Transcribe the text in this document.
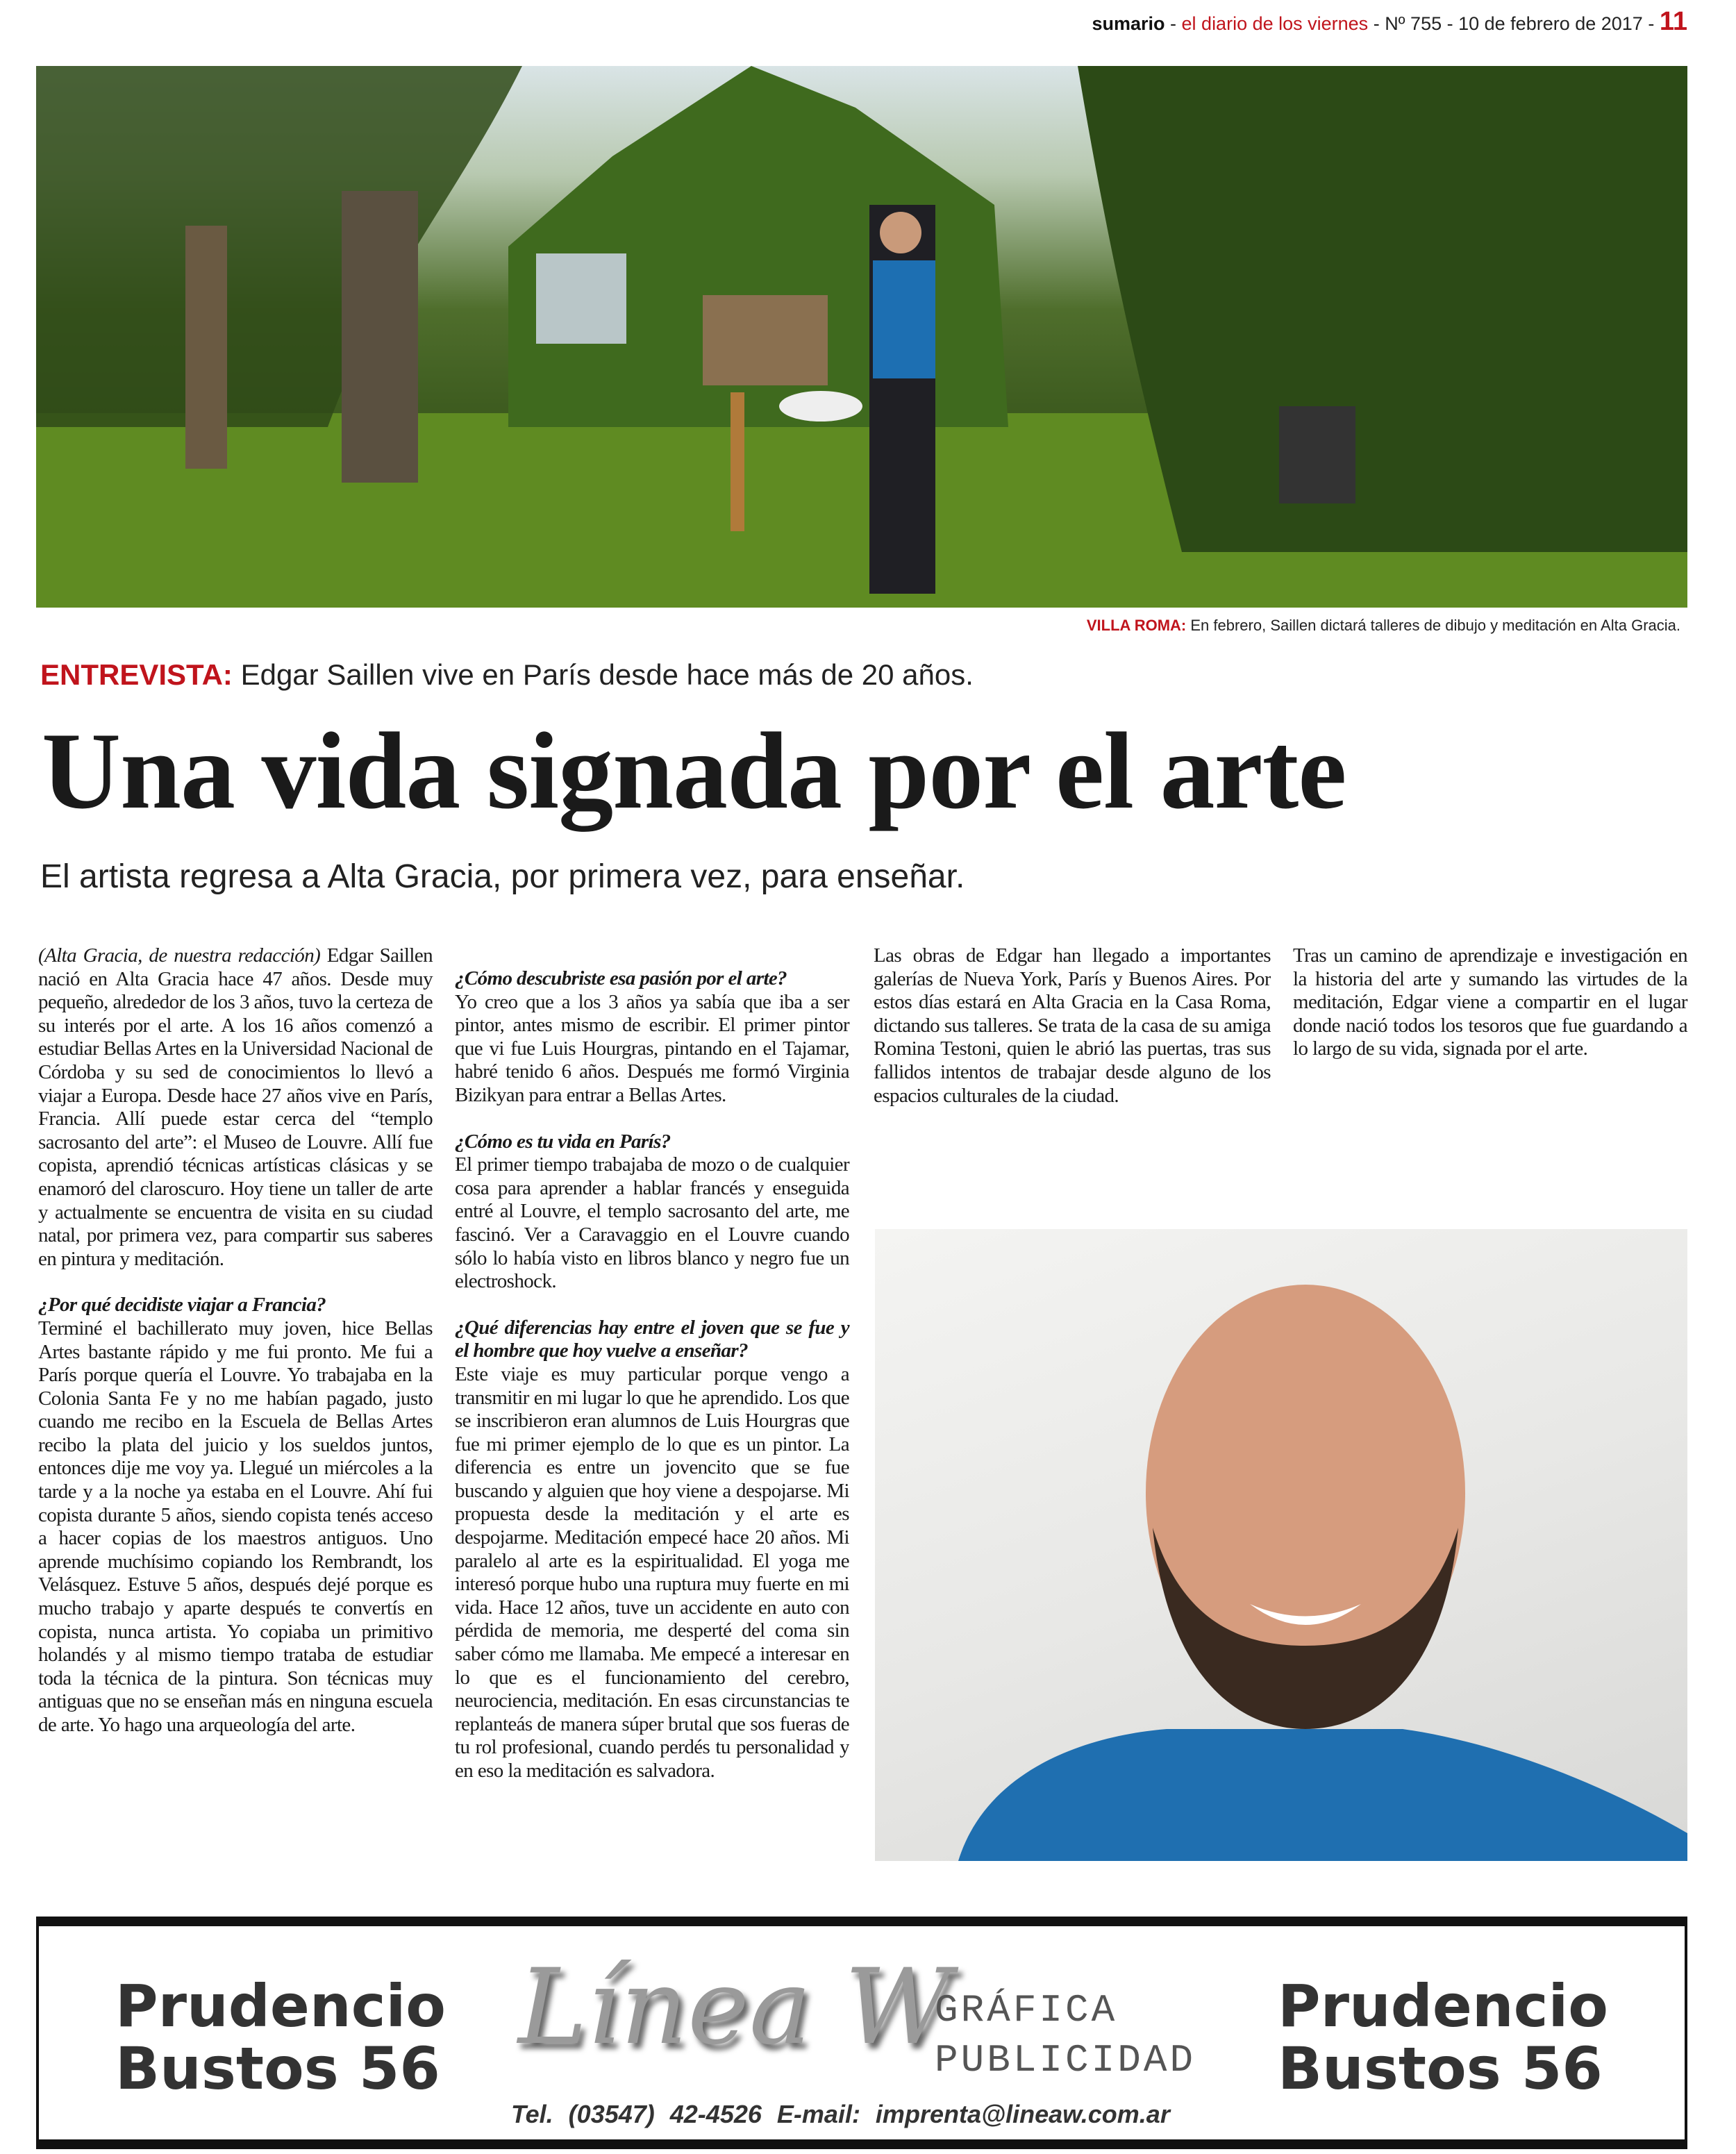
sumario - el diario de los viernes - Nº 755 - 10 de febrero de 2017 - 11
VILLA ROMA: En febrero, Saillen dictará talleres de dibujo y meditación en Alta Gracia.
ENTREVISTA: Edgar Saillen vive en París desde hace más de 20 años.
Una vida signada por el arte
El artista regresa a Alta Gracia, por primera vez, para enseñar.

(Alta Gracia, de nuestra redacción) Edgar Saillen nació en Alta Gracia hace 47 años. Desde muy pequeño, alrededor de los 3 años, tuvo la certeza de su interés por el arte. A los 16 años comenzó a estudiar Bellas Artes en la Universidad Nacional de Córdoba y su sed de conocimientos lo llevó a viajar a Europa. Desde hace 27 años vive en París, Francia. Allí puede estar cerca del “templo sacrosanto del arte”: el Museo de Louvre. Allí fue copista, aprendió técnicas artísticas clásicas y se enamoró del claroscuro. Hoy tiene un taller de arte y actualmente se encuentra de visita en su ciudad natal, por primera vez, para compartir sus saberes en pintura y meditación.

¿Por qué decidiste viajar a Francia?

Terminé el bachillerato muy joven, hice Bellas Artes bastante rápido y me fui pronto. Me fui a París porque quería el Louvre. Yo trabajaba en la Colonia Santa Fe y no me habían pagado, justo cuando me recibo en la Escuela de Bellas Artes recibo la plata del juicio y los sueldos juntos, entonces dije me voy ya. Llegué un miércoles a la tarde y a la noche ya estaba en el Louvre. Ahí fui copista durante 5 años, siendo copista tenés acceso a hacer copias de los maestros antiguos. Uno aprende muchísimo copiando los Rembrandt, los Velásquez. Estuve 5 años, después dejé porque es mucho trabajo y aparte después te convertís en copista, nunca artista. Yo copiaba un primitivo holandés y al mismo tiempo trataba de estudiar toda la técnica de la pintura. Son técnicas muy antiguas que no se enseñan más en ninguna escuela de arte. Yo hago una arqueología del arte.

¿Cómo descubriste esa pasión por el arte?

Yo creo que a los 3 años ya sabía que iba a ser pintor, antes mismo de escribir. El primer pintor que vi fue Luis Hourgras, pintando en el Tajamar, habré tenido 6 años. Después me formó Virginia Bizikyan para entrar a Bellas Artes.

¿Cómo es tu vida en París?

El primer tiempo trabajaba de mozo o de cualquier cosa para aprender a hablar francés y enseguida entré al Louvre, el templo sacrosanto del arte, me fascinó. Ver a Caravaggio en el Louvre cuando sólo lo había visto en libros blanco y negro fue un electroshock.

¿Qué diferencias hay entre el joven que se fue y el hombre que hoy vuelve a enseñar?

Este viaje es muy particular porque vengo a transmitir en mi lugar lo que he aprendido. Los que se inscribieron eran alumnos de Luis Hourgras que fue mi primer ejemplo de lo que es un pintor. La diferencia es entre un jovencito que se fue buscando y alguien que hoy viene a despojarse. Mi propuesta desde la meditación y el arte es despojarme. Meditación empecé hace 20 años. Mi paralelo al arte es la espiritualidad. El yoga me interesó porque hubo una ruptura muy fuerte en mi vida. Hace 12 años, tuve un accidente en auto con pérdida de memoria, me desperté del coma sin saber cómo me llamaba. Me empecé a interesar en lo que es el funcionamiento del cerebro, neurociencia, meditación. En esas circunstancias te replanteás de manera súper brutal que sos fueras de tu rol profesional, cuando perdés tu personalidad y en eso la meditación es salvadora.

Las obras de Edgar han llegado a importantes galerías de Nueva York, París y Buenos Aires. Por estos días estará en Alta Gracia en la Casa Roma, dictando sus talleres. Se trata de la casa de su amiga Romina Testoni, quien le abrió las puertas, tras sus fallidos intentos de trabajar desde alguno de los espacios culturales de la ciudad.

Tras un camino de aprendizaje e investigación en la historia del arte y sumando las virtudes de la meditación, Edgar viene a compartir en el lugar donde nació todos los tesoros que fue guardando a lo largo de su vida, signada por el arte.

Prudencio
Bustos 56
Línea W
GRÁFICA
PUBLICIDAD
Tel. (03547) 42-4526 E-mail: imprenta@lineaw.com.ar
Prudencio
Bustos 56
